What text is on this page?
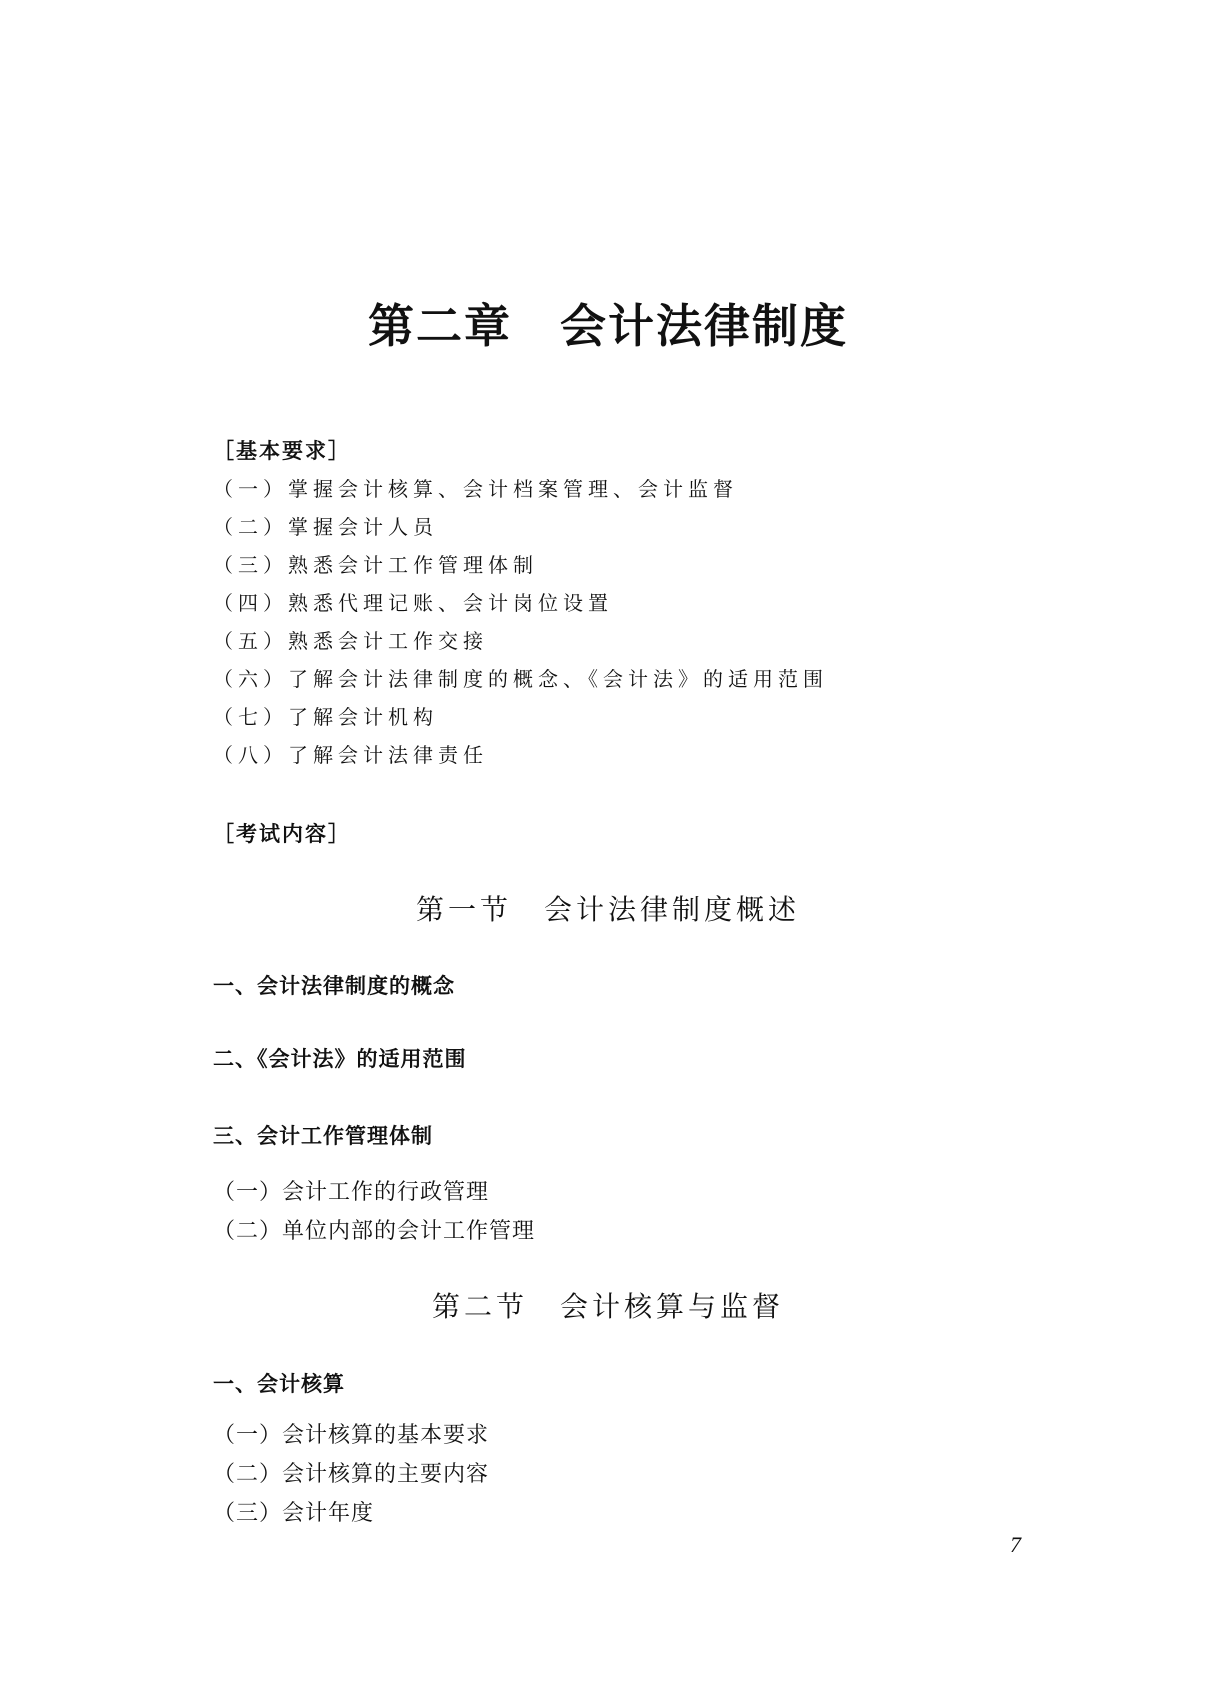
第二章 会计法律制度
［基本要求］
（一）掌握会计核算、会计档案管理、会计监督
（二）掌握会计人员
（三）熟悉会计工作管理体制
（四）熟悉代理记账、会计岗位设置
（五）熟悉会计工作交接
（六）了解会计法律制度的概念、《会计法》的适用范围
（七）了解会计机构
（八）了解会计法律责任
［考试内容］
第一节 会计法律制度概述
一、会计法律制度的概念
二、《会计法》的适用范围
三、会计工作管理体制
（一）会计工作的行政管理
（二）单位内部的会计工作管理
第二节 会计核算与监督
一、会计核算
（一）会计核算的基本要求
（二）会计核算的主要内容
（三）会计年度
7
